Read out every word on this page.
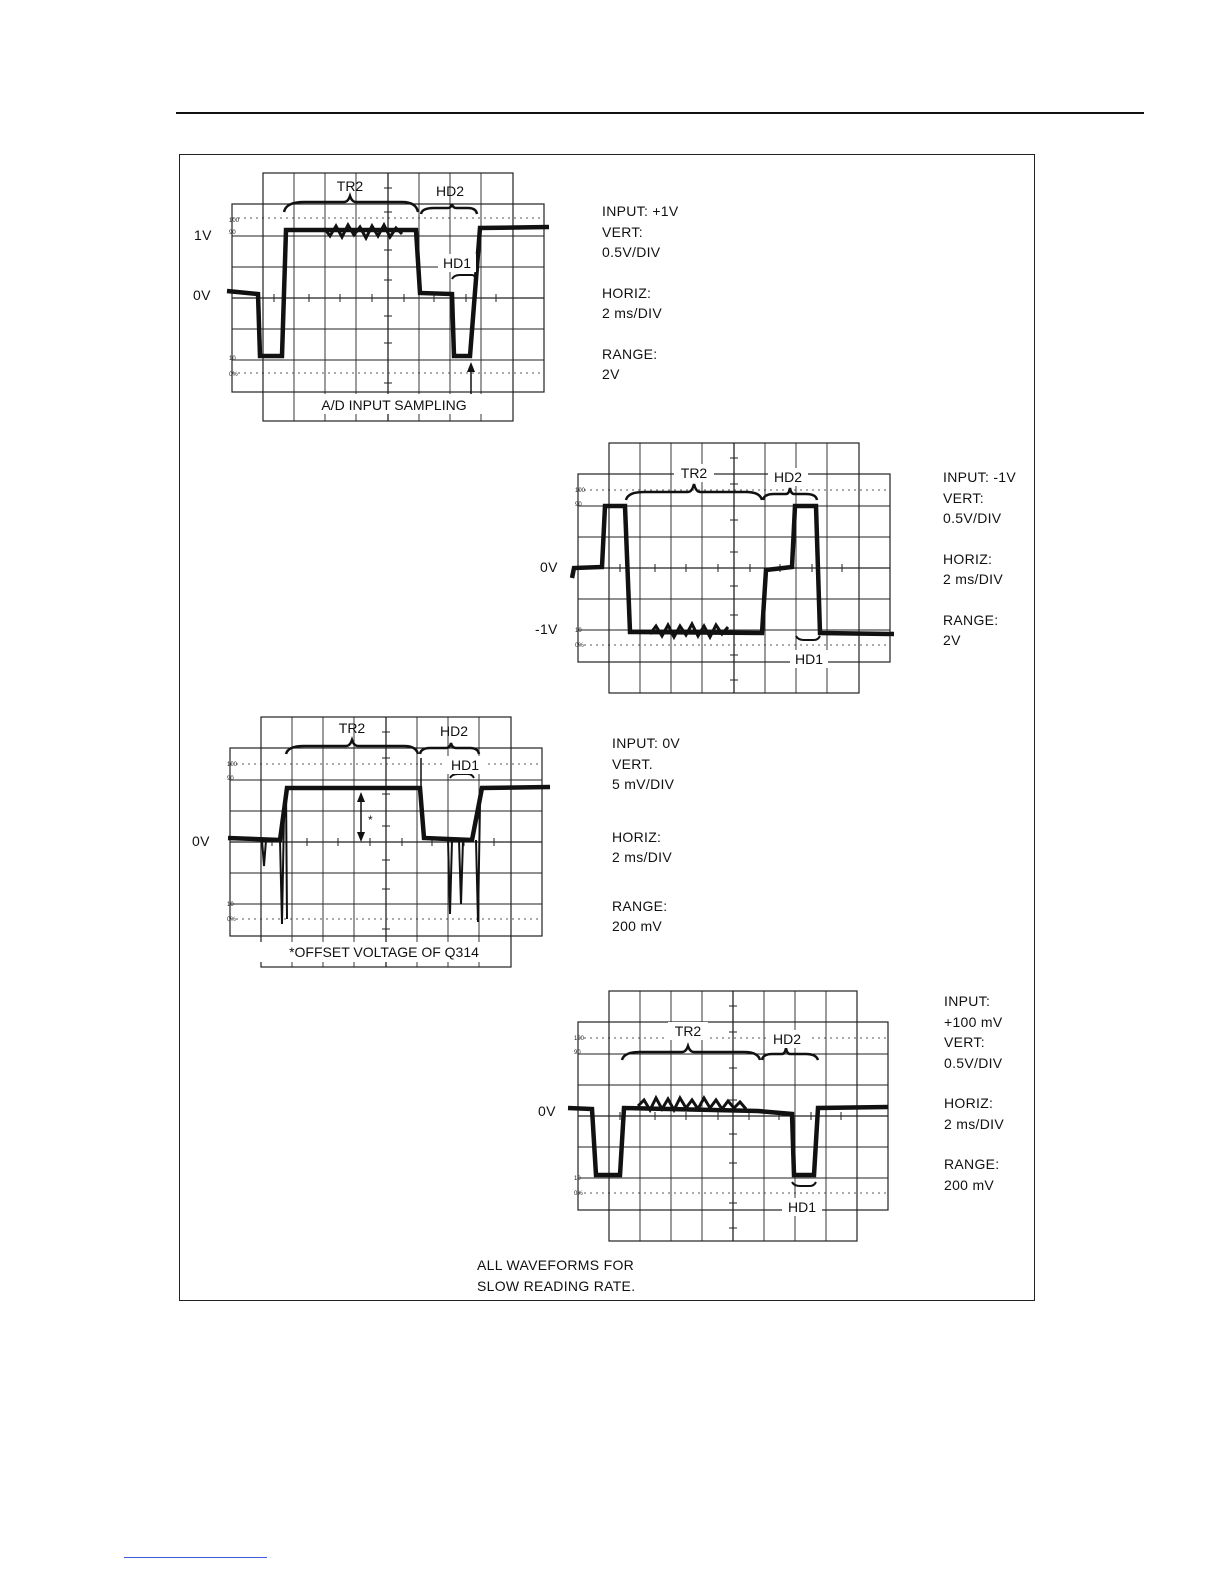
1V
0V
100
90
10
0%
A/D INPUT SAMPLING
TR2	HD2
HD1
INPUT: +1V
VERT:
0.5V/DIV
HORIZ:
2 ms/DIV
RANGE:
2V
0V
-1V
100
90
10
0%
TR2	HD2
HD1
INPUT: -1V
VERT:
0.5V/DIV
HORIZ:
2 ms/DIV
RANGE:
2V
0V
100
90
10
0%
*
TR2	HD2
HD1
*OFFSET VOLTAGE OF Q314
INPUT: 0V
VERT.
5 mV/DIV
HORIZ:
2 ms/DIV
RANGE:
200 mV
0V
100
90
10
0%
TR2	HD2
HD1
INPUT:
+100 mV
VERT:
0.5V/DIV
HORIZ:
2 ms/DIV
RANGE:
200 mV
ALL WAVEFORMS FOR
SLOW READING RATE.
